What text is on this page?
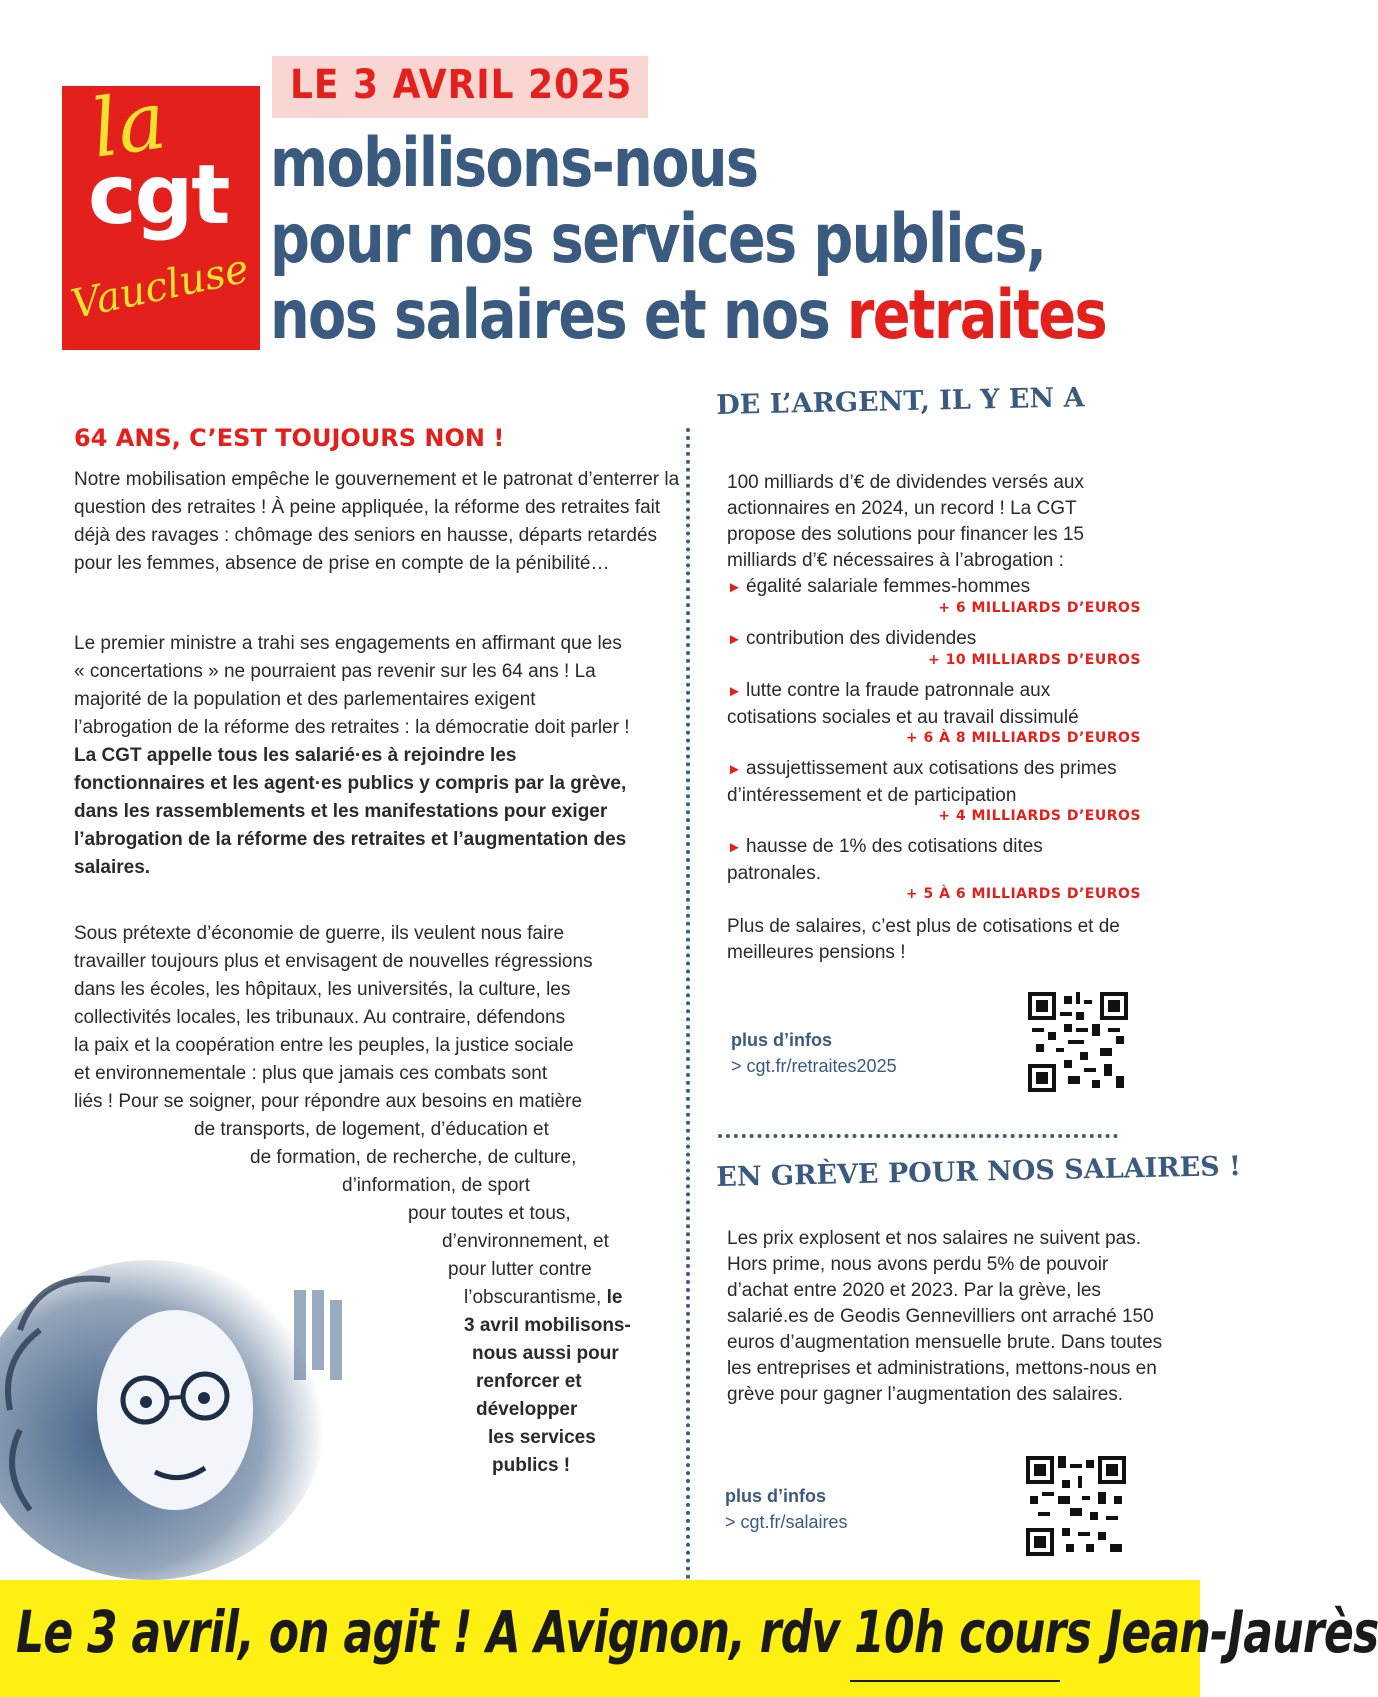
la
cgt
Vaucluse
LE 3 AVRIL 2025
mobilisons-nous
pour nos services publics,
nos salaires et nos retraites
64 ANS, C’EST TOUJOURS NON !
Notre mobilisation empêche le gouvernement et le patronat d’enterrer la question des retraites ! À peine appliquée, la réforme des retraites fait déjà des ravages : chômage des seniors en hausse, départs retardés pour les femmes, absence de prise en compte de la pénibilité…
Le premier ministre a trahi ses engagements en affirmant que les « concertations » ne pourraient pas revenir sur les 64 ans ! La majorité de la population et des parlementaires exigent l’abrogation de la réforme des retraites : la démocratie doit parler ! La CGT appelle tous les salarié·es à rejoindre les fonctionnaires et les agent·es publics y compris par la grève, dans les rassemblements et les manifestations pour exiger l’abrogation de la réforme des retraites et l’augmentation des salaires.
Sous prétexte d’économie de guerre, ils veulent nous faire
travailler toujours plus et envisagent de nouvelles régressions
dans les écoles, les hôpitaux, les universités, la culture, les
collectivités locales, les tribunaux. Au contraire, défendons
la paix et la coopération entre les peuples, la justice sociale
et environnementale : plus que jamais ces combats sont
liés ! Pour se soigner, pour répondre aux besoins en matière
de transports, de logement, d’éducation et
de formation, de recherche, de culture,
d’information, de sport
pour toutes et tous,
d’environnement, et
pour lutter contre
l’obscurantisme, le
3 avril mobilisons-
nous aussi pour
renforcer et
développer
les services
publics !
DE L’ARGENT, IL Y EN A
100 milliards d’€ de dividendes versés aux actionnaires en 2024, un record ! La CGT propose des solutions pour financer les 15 milliards d’€ nécessaires à l’abrogation :
► égalité salariale femmes-hommes
+ 6 MILLIARDS D’EUROS
► contribution des dividendes
+ 10 MILLIARDS D’EUROS
► lutte contre la fraude patronnale aux cotisations sociales et au travail dissimulé
+ 6 À 8 MILLIARDS D’EUROS
► assujettissement aux cotisations des primes d’intéressement et de participation
+ 4 MILLIARDS D’EUROS
► hausse de 1% des cotisations dites patronales.
+ 5 À 6 MILLIARDS D’EUROS
Plus de salaires, c’est plus de cotisations et de meilleures pensions !
plus d’infos
> cgt.fr/retraites2025
EN GRÈVE POUR NOS SALAIRES !
Les prix explosent et nos salaires ne suivent pas. Hors prime, nous avons perdu 5% de pouvoir d’achat entre 2020 et 2023. Par la grève, les salarié.es de Geodis Gennevilliers ont arraché 150 euros d’augmentation mensuelle brute. Dans toutes les entreprises et administrations, mettons-nous en grève pour gagner l’augmentation des salaires.
plus d’infos
> cgt.fr/salaires
Le 3 avril, on agit ! A Avignon, rdv 10h cours Jean-Jaurès
